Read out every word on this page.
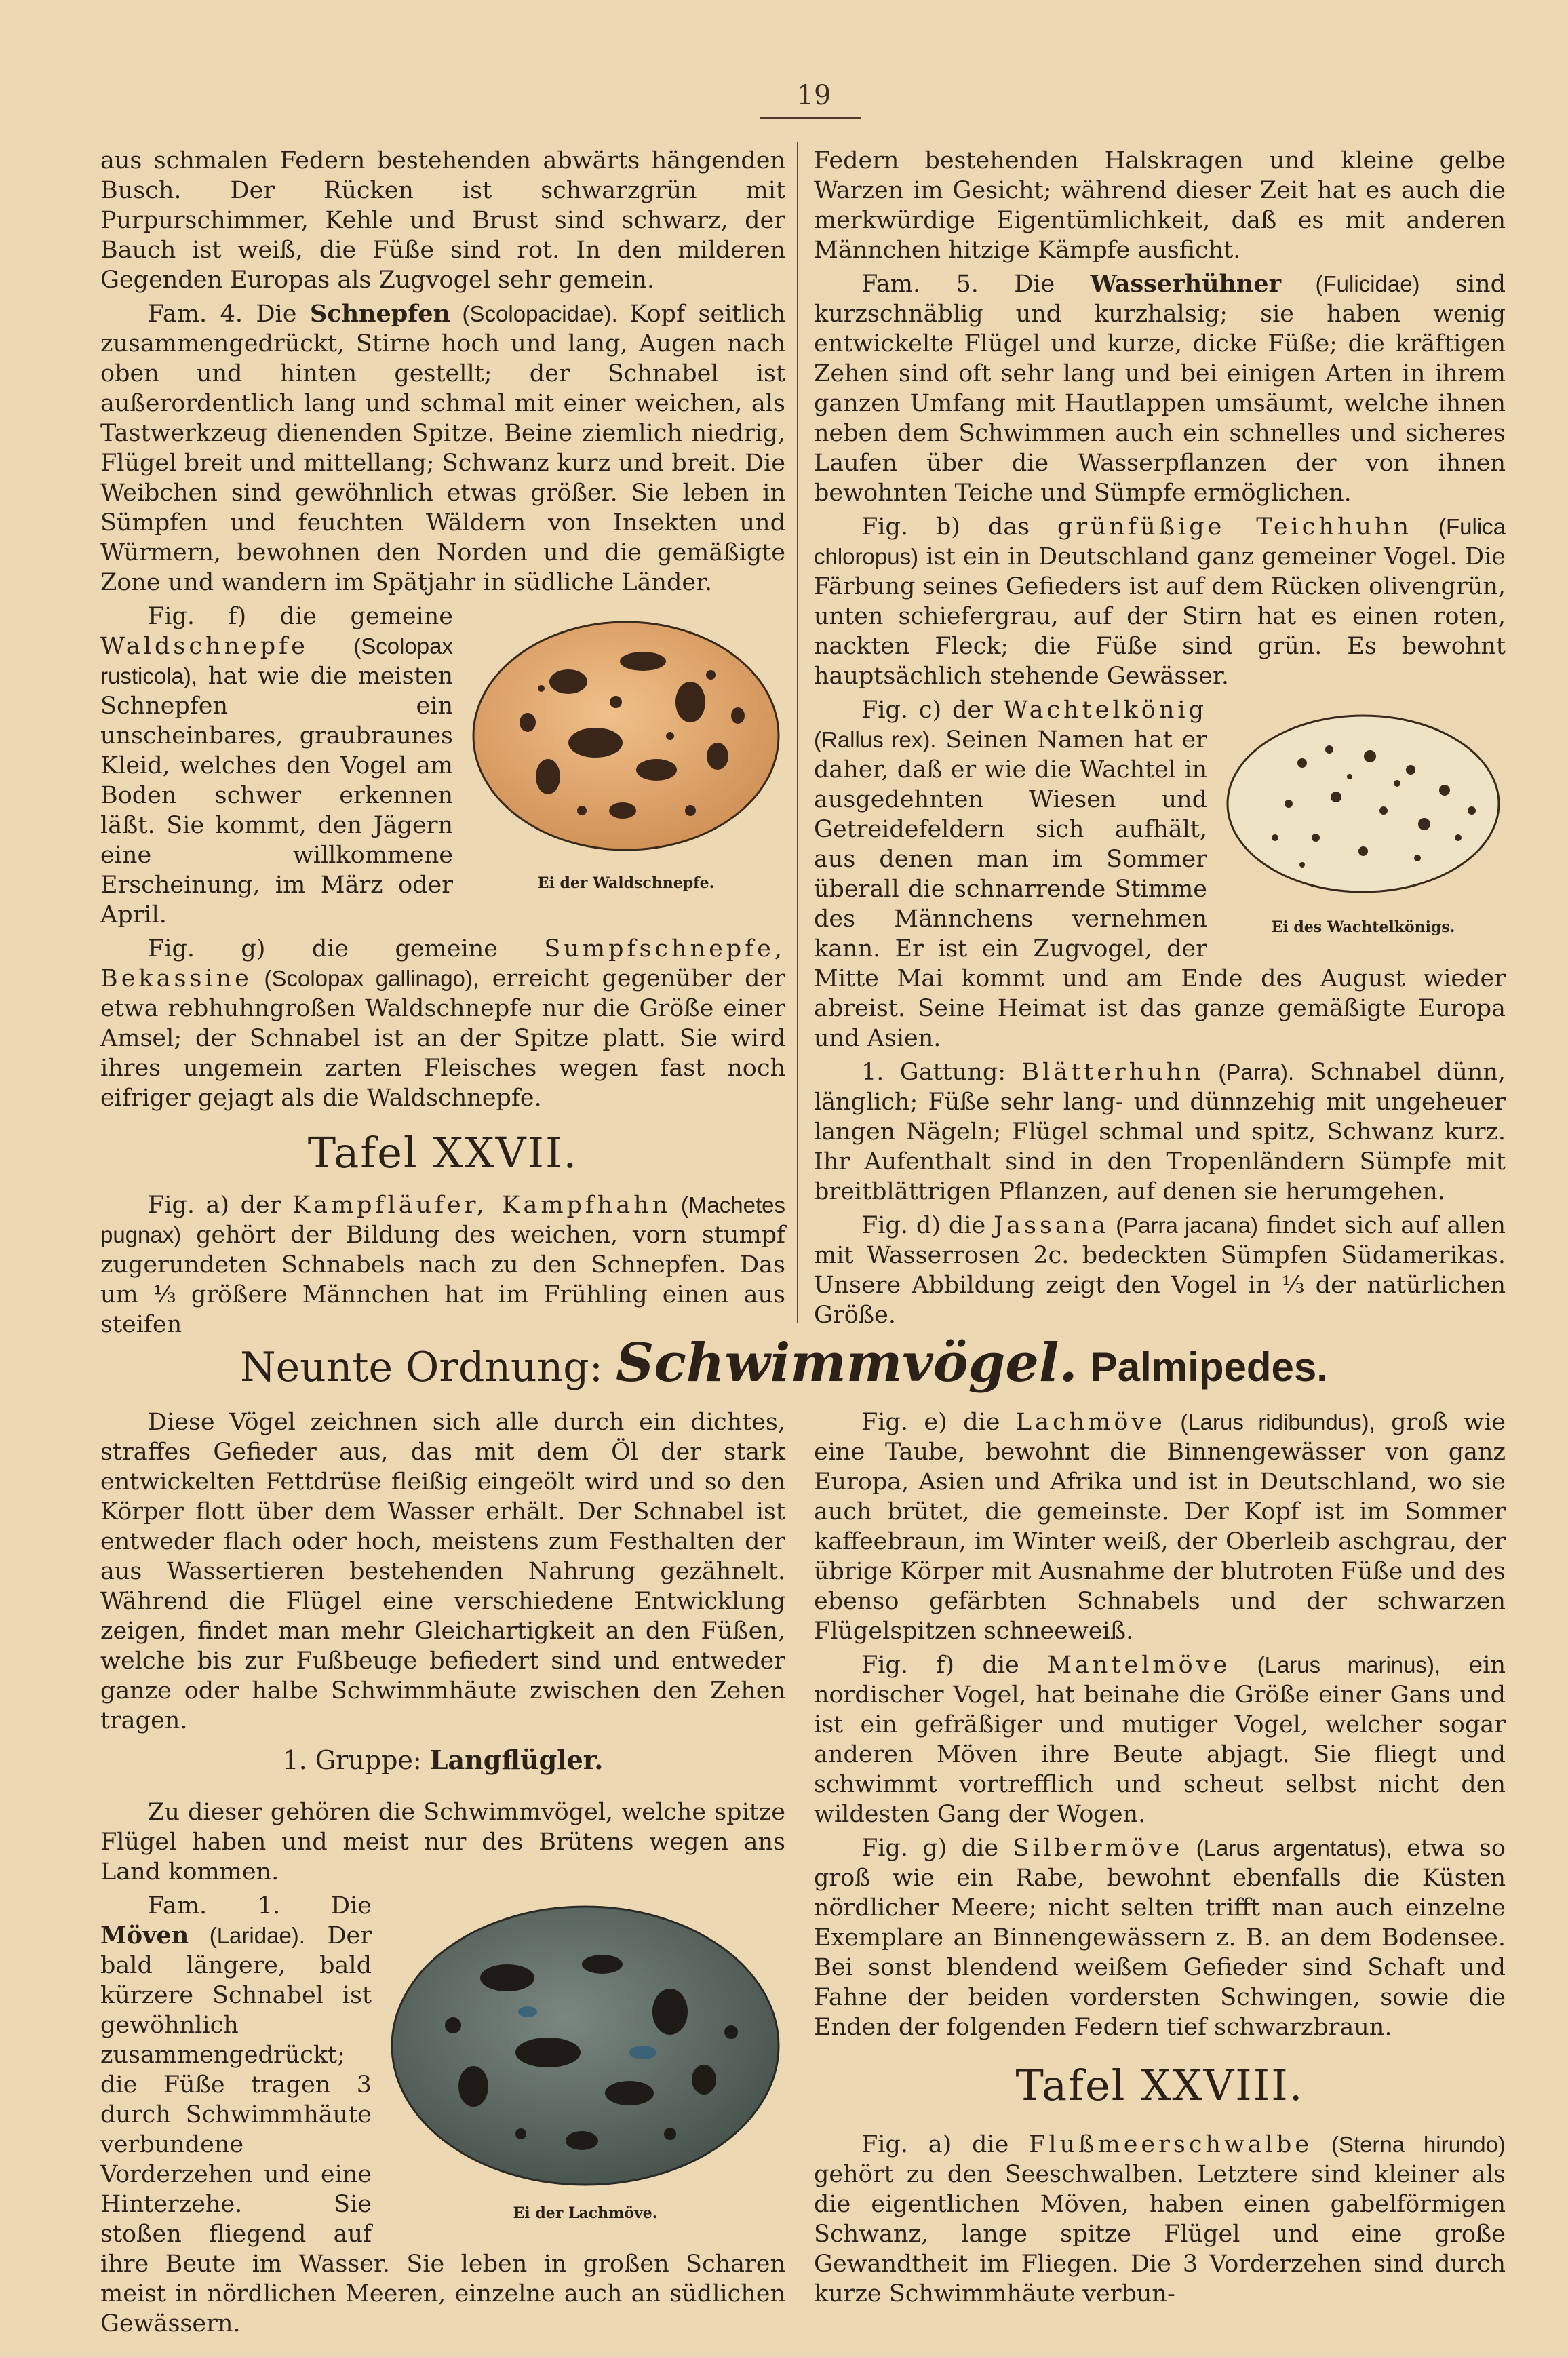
19

aus schmalen Federn bestehenden abwärts hängenden Busch. Der Rücken ist schwarzgrün mit Purpurschimmer, Kehle und Brust sind schwarz, der Bauch ist weiß, die Füße sind rot. In den milderen Gegenden Europas als Zugvogel sehr gemein.

Fam. 4. Die Schnepfen (Scolopacidae). Kopf seitlich zusammengedrückt, Stirne hoch und lang, Augen nach oben und hinten gestellt; der Schnabel ist außerordentlich lang und schmal mit einer weichen, als Tastwerkzeug dienenden Spitze. Beine ziemlich niedrig, Flügel breit und mittellang; Schwanz kurz und breit. Die Weibchen sind gewöhnlich etwas größer. Sie leben in Sümpfen und feuchten Wäldern von Insekten und Würmern, bewohnen den Norden und die gemäßigte Zone und wandern im Spätjahr in südliche Länder.

Ei der Waldschnepfe.

Fig. f) die gemeine Waldschnepfe (Scolopax rusticola), hat wie die meisten Schnepfen ein unscheinbares, graubraunes Kleid, welches den Vogel am Boden schwer erkennen läßt. Sie kommt, den Jägern eine willkommene Erscheinung, im März oder April.

Fig. g) die gemeine Sumpfschnepfe, Bekassine (Scolopax gallinago), erreicht gegenüber der etwa rebhuhngroßen Waldschnepfe nur die Größe einer Amsel; der Schnabel ist an der Spitze platt. Sie wird ihres ungemein zarten Fleisches wegen fast noch eifriger gejagt als die Waldschnepfe.

Tafel XXVII.

Fig. a) der Kampfläufer, Kampfhahn (Machetes pugnax) gehört der Bildung des weichen, vorn stumpf zugerundeten Schnabels nach zu den Schnepfen. Das um ⅓ größere Männchen hat im Frühling einen aus steifen

Federn bestehenden Halskragen und kleine gelbe Warzen im Gesicht; während dieser Zeit hat es auch die merkwürdige Eigentümlichkeit, daß es mit anderen Männchen hitzige Kämpfe ausficht.

Fam. 5. Die Wasserhühner (Fulicidae) sind kurzschnäblig und kurzhalsig; sie haben wenig entwickelte Flügel und kurze, dicke Füße; die kräftigen Zehen sind oft sehr lang und bei einigen Arten in ihrem ganzen Umfang mit Hautlappen umsäumt, welche ihnen neben dem Schwimmen auch ein schnelles und sicheres Laufen über die Wasserpflanzen der von ihnen bewohnten Teiche und Sümpfe ermöglichen.

Fig. b) das grünfüßige Teichhuhn (Fulica chloropus) ist ein in Deutschland ganz gemeiner Vogel. Die Färbung seines Gefieders ist auf dem Rücken olivengrün, unten schiefergrau, auf der Stirn hat es einen roten, nackten Fleck; die Füße sind grün. Es bewohnt hauptsächlich stehende Gewässer.

Ei des Wachtelkönigs.

Fig. c) der Wachtelkönig (Rallus rex). Seinen Namen hat er daher, daß er wie die Wachtel in ausgedehnten Wiesen und Getreidefeldern sich aufhält, aus denen man im Sommer überall die schnarrende Stimme des Männchens vernehmen kann. Er ist ein Zugvogel, der Mitte Mai kommt und am Ende des August wieder abreist. Seine Heimat ist das ganze gemäßigte Europa und Asien.

1. Gattung: Blätterhuhn (Parra). Schnabel dünn, länglich; Füße sehr lang- und dünnzehig mit ungeheuer langen Nägeln; Flügel schmal und spitz, Schwanz kurz. Ihr Aufenthalt sind in den Tropenländern Sümpfe mit breitblättrigen Pflanzen, auf denen sie herumgehen.

Fig. d) die Jassana (Parra jacana) findet sich auf allen mit Wasserrosen 2c. bedeckten Sümpfen Südamerikas. Unsere Abbildung zeigt den Vogel in ⅓ der natürlichen Größe.

Neunte Ordnung: Schwimmvögel. Palmipedes.

Diese Vögel zeichnen sich alle durch ein dichtes, straffes Gefieder aus, das mit dem Öl der stark entwickelten Fettdrüse fleißig eingeölt wird und so den Körper flott über dem Wasser erhält. Der Schnabel ist entweder flach oder hoch, meistens zum Festhalten der aus Wassertieren bestehenden Nahrung gezähnelt. Während die Flügel eine verschiedene Entwicklung zeigen, findet man mehr Gleichartigkeit an den Füßen, welche bis zur Fußbeuge befiedert sind und entweder ganze oder halbe Schwimmhäute zwischen den Zehen tragen.

1. Gruppe: Langflügler.

Zu dieser gehören die Schwimmvögel, welche spitze Flügel haben und meist nur des Brütens wegen ans Land kommen.

Ei der Lachmöve.

Fam. 1. Die Möven (Laridae). Der bald längere, bald kürzere Schnabel ist gewöhnlich zusammengedrückt; die Füße tragen 3 durch Schwimmhäute verbundene Vorderzehen und eine Hinterzehe. Sie stoßen fliegend auf ihre Beute im Wasser. Sie leben in großen Scharen meist in nördlichen Meeren, einzelne auch an südlichen Gewässern.

Fig. e) die Lachmöve (Larus ridibundus), groß wie eine Taube, bewohnt die Binnengewässer von ganz Europa, Asien und Afrika und ist in Deutschland, wo sie auch brütet, die gemeinste. Der Kopf ist im Sommer kaffeebraun, im Winter weiß, der Oberleib aschgrau, der übrige Körper mit Ausnahme der blutroten Füße und des ebenso gefärbten Schnabels und der schwarzen Flügelspitzen schneeweiß.

Fig. f) die Mantelmöve (Larus marinus), ein nordischer Vogel, hat beinahe die Größe einer Gans und ist ein gefräßiger und mutiger Vogel, welcher sogar anderen Möven ihre Beute abjagt. Sie fliegt und schwimmt vortrefflich und scheut selbst nicht den wildesten Gang der Wogen.

Fig. g) die Silbermöve (Larus argentatus), etwa so groß wie ein Rabe, bewohnt ebenfalls die Küsten nördlicher Meere; nicht selten trifft man auch einzelne Exemplare an Binnengewässern z. B. an dem Bodensee. Bei sonst blendend weißem Gefieder sind Schaft und Fahne der beiden vordersten Schwingen, sowie die Enden der folgenden Federn tief schwarzbraun.

Tafel XXVIII.

Fig. a) die Flußmeerschwalbe (Sterna hirundo) gehört zu den Seeschwalben. Letztere sind kleiner als die eigentlichen Möven, haben einen gabelförmigen Schwanz, lange spitze Flügel und eine große Gewandtheit im Fliegen. Die 3 Vorderzehen sind durch kurze Schwimmhäute verbun-
